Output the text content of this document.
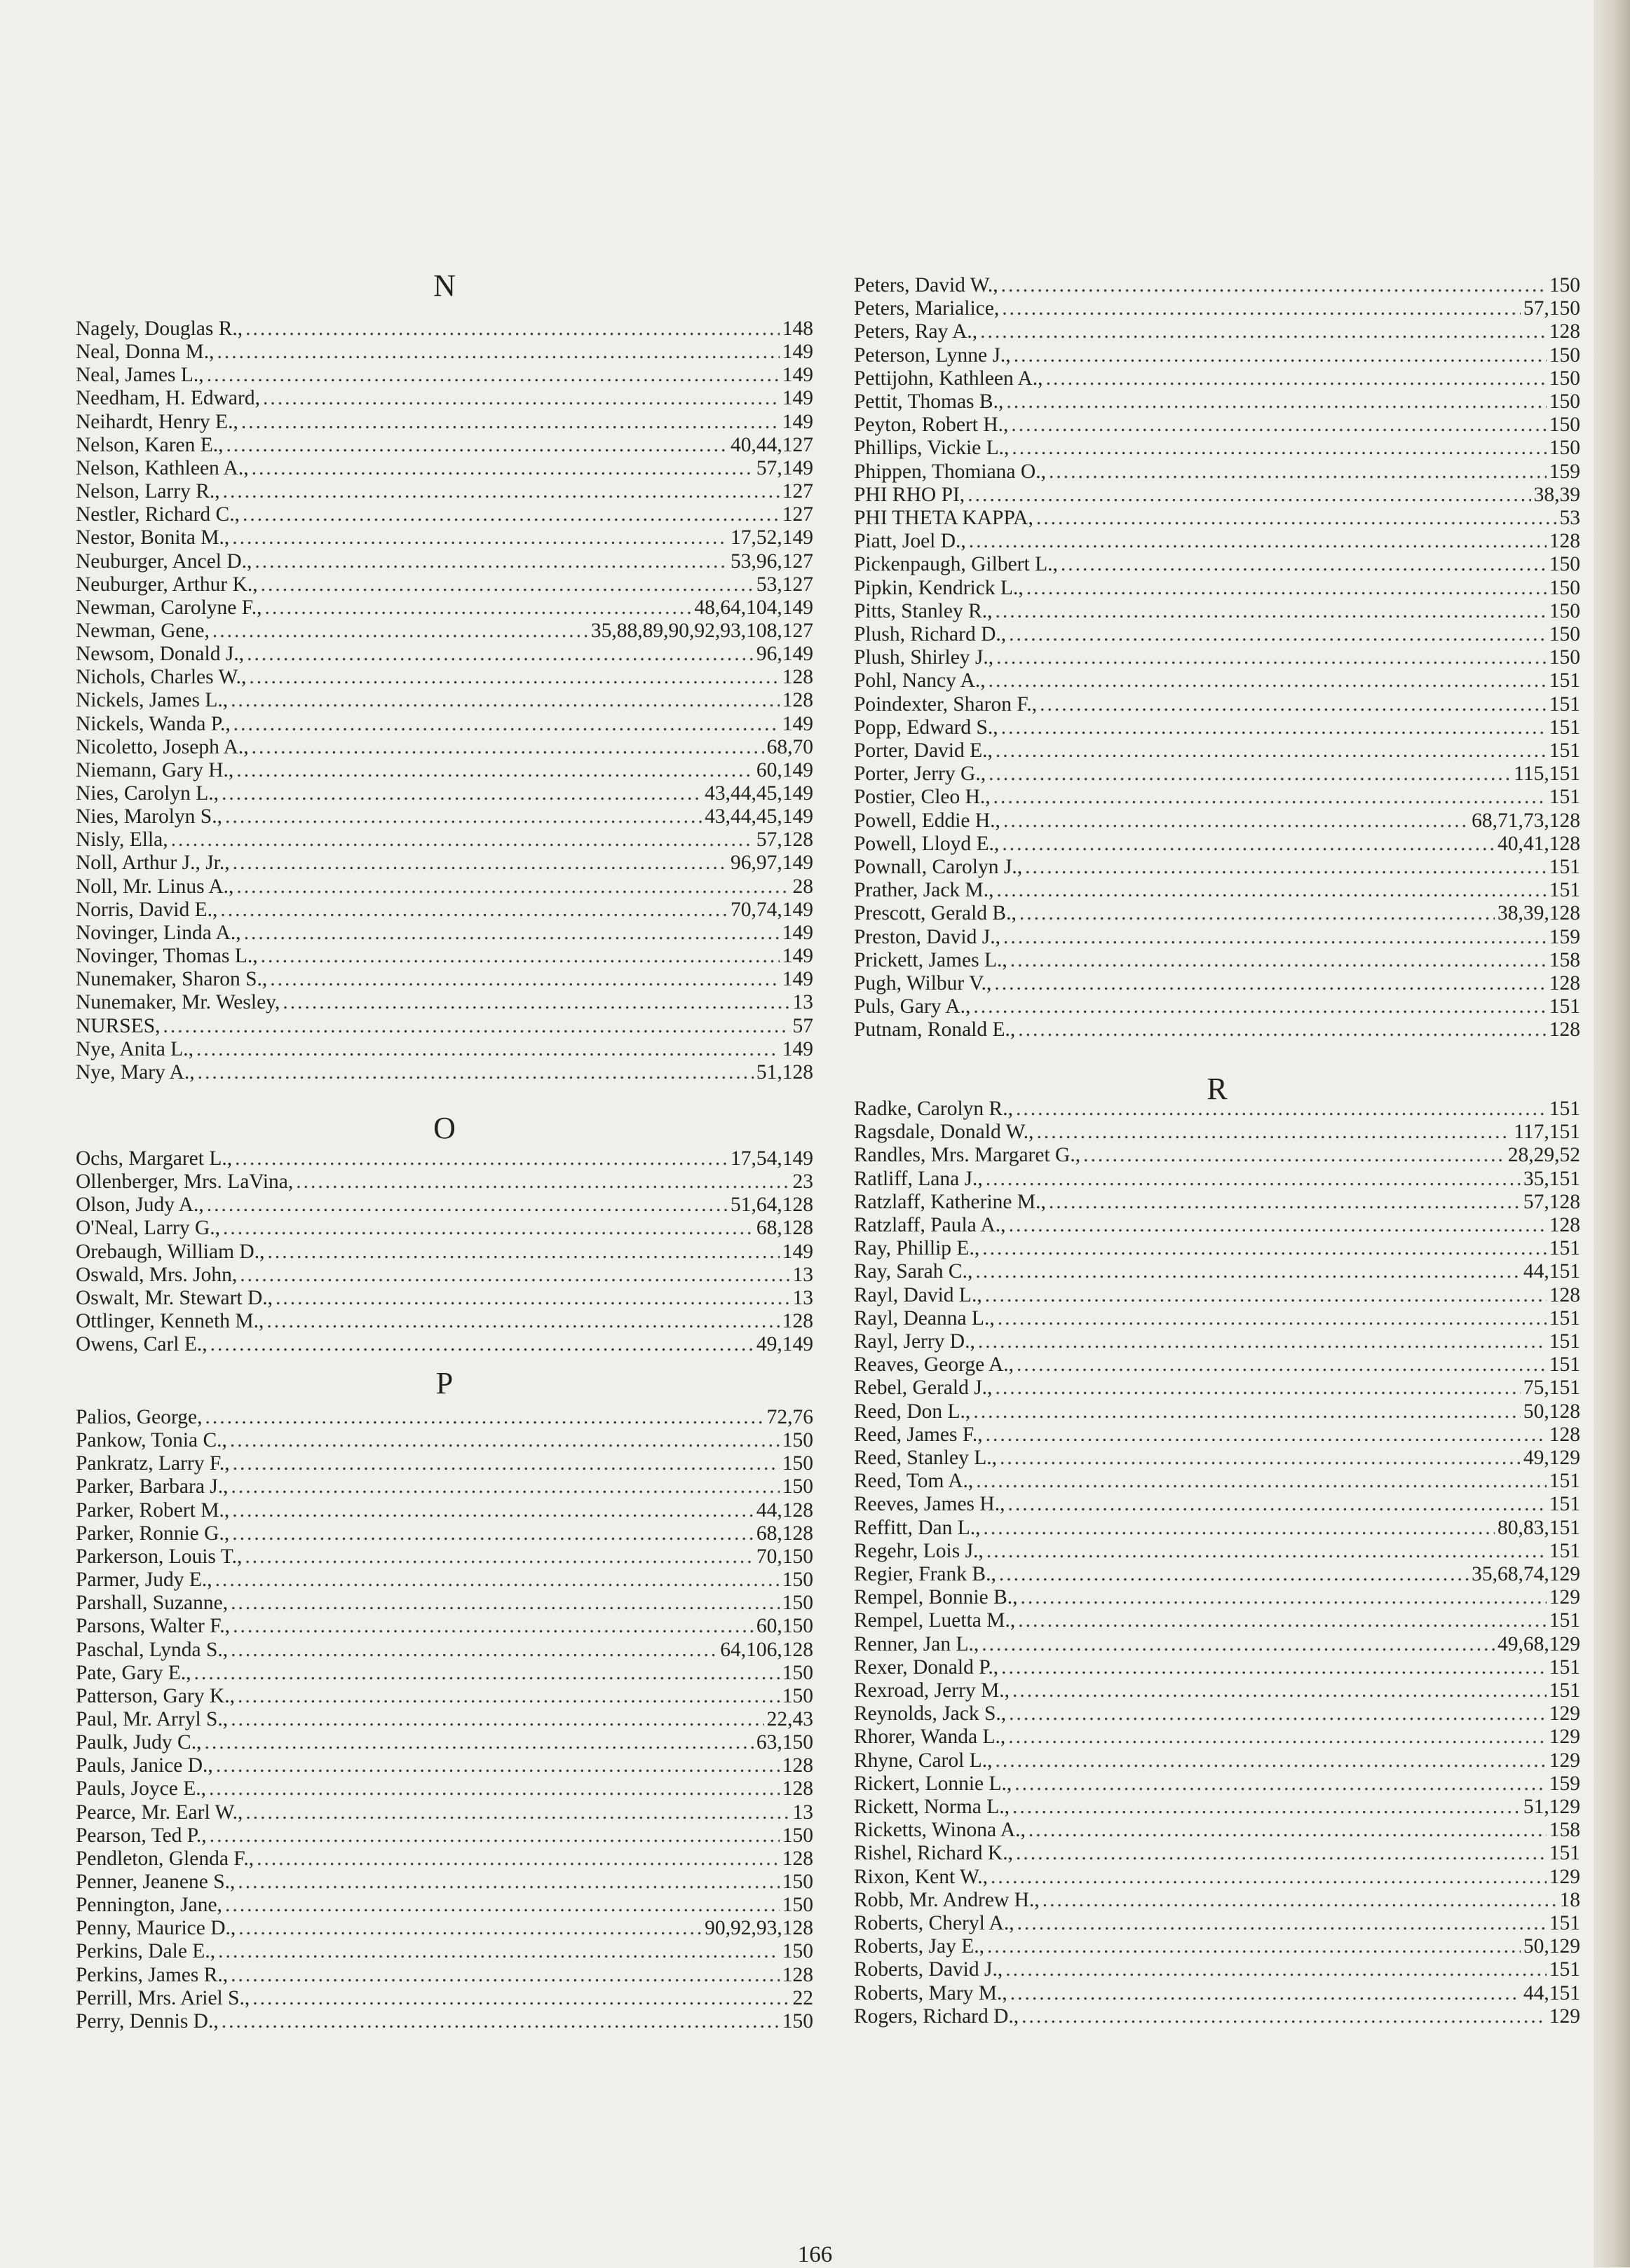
N
Nagely, Douglas R., .....	148
Neal, Donna M., .....	149
Neal, James L., .....	149
Needham, H. Edward, .....	149
Neihardt, Henry E., .....	149
Nelson, Karen E., .....	40,44,127
Nelson, Kathleen A., .....	57,149
Nelson, Larry R., .....	127
Nestler, Richard C., .....	127
Nestor, Bonita M., .....	17,52,149
Neuburger, Ancel D., .....	53,96,127
Neuburger, Arthur K., .....	53,127
Newman, Carolyne F., .....	48,64,104,149
Newman, Gene, .....	35,88,89,90,92,93,108,127
Newsom, Donald J., .....	96,149
Nichols, Charles W., .....	128
Nickels, James L., .....	128
Nickels, Wanda P., .....	149
Nicoletto, Joseph A., .....	68,70
Niemann, Gary H., .....	60,149
Nies, Carolyn L., .....	43,44,45,149
Nies, Marolyn S., .....	43,44,45,149
Nisly, Ella, .....	57,128
Noll, Arthur J., Jr., .....	96,97,149
Noll, Mr. Linus A., .....	28
Norris, David E., .....	70,74,149
Novinger, Linda A., .....	149
Novinger, Thomas L., .....	149
Nunemaker, Sharon S., .....	149
Nunemaker, Mr. Wesley, .....	13
NURSES, .....	57
Nye, Anita L., .....	149
Nye, Mary A., .....	51,128
O
Ochs, Margaret L., .....	17,54,149
Ollenberger, Mrs. LaVina, .....	23
Olson, Judy A., .....	51,64,128
O'Neal, Larry G., .....	68,128
Orebaugh, William D., .....	149
Oswald, Mrs. John, .....	13
Oswalt, Mr. Stewart D., .....	13
Ottlinger, Kenneth M., .....	128
Owens, Carl E., .....	49,149
P
Palios, George, .....	72,76
Pankow, Tonia C., .....	150
Pankratz, Larry F., .....	150
Parker, Barbara J., .....	150
Parker, Robert M., .....	44,128
Parker, Ronnie G., .....	68,128
Parkerson, Louis T., .....	70,150
Parmer, Judy E., .....	150
Parshall, Suzanne, .....	150
Parsons, Walter F., .....	60,150
Paschal, Lynda S., .....	64,106,128
Pate, Gary E., .....	150
Patterson, Gary K., .....	150
Paul, Mr. Arryl S., .....	22,43
Paulk, Judy C., .....	63,150
Pauls, Janice D., .....	128
Pauls, Joyce E., .....	128
Pearce, Mr. Earl W., .....	13
Pearson, Ted P., .....	150
Pendleton, Glenda F., .....	128
Penner, Jeanene S., .....	150
Pennington, Jane, .....	150
Penny, Maurice D., .....	90,92,93,128
Perkins, Dale E., .....	150
Perkins, James R., .....	128
Perrill, Mrs. Ariel S., .....	22
Perry, Dennis D., .....	150
Peters, David W., .....	150
Peters, Marialice, .....	57,150
Peters, Ray A., .....	128
Peterson, Lynne J., .....	150
Pettijohn, Kathleen A., .....	150
Pettit, Thomas B., .....	150
Peyton, Robert H., .....	150
Phillips, Vickie L., .....	150
Phippen, Thomiana O., .....	159
PHI RHO PI, .....	38,39
PHI THETA KAPPA, .....	53
Piatt, Joel D., .....	128
Pickenpaugh, Gilbert L., .....	150
Pipkin, Kendrick L., .....	150
Pitts, Stanley R., .....	150
Plush, Richard D., .....	150
Plush, Shirley J., .....	150
Pohl, Nancy A., .....	151
Poindexter, Sharon F., .....	151
Popp, Edward S., .....	151
Porter, David E., .....	151
Porter, Jerry G., .....	115,151
Postier, Cleo H., .....	151
Powell, Eddie H., .....	68,71,73,128
Powell, Lloyd E., .....	40,41,128
Pownall, Carolyn J., .....	151
Prather, Jack M., .....	151
Prescott, Gerald B., .....	38,39,128
Preston, David J., .....	159
Prickett, James L., .....	158
Pugh, Wilbur V., .....	128
Puls, Gary A., .....	151
Putnam, Ronald E., .....	128
R
Radke, Carolyn R., .....	151
Ragsdale, Donald W., .....	117,151
Randles, Mrs. Margaret G., .....	28,29,52
Ratliff, Lana J., .....	35,151
Ratzlaff, Katherine M., .....	57,128
Ratzlaff, Paula A., .....	128
Ray, Phillip E., .....	151
Ray, Sarah C., .....	44,151
Rayl, David L., .....	128
Rayl, Deanna L., .....	151
Rayl, Jerry D., .....	151
Reaves, George A., .....	151
Rebel, Gerald J., .....	75,151
Reed, Don L., .....	50,128
Reed, James F., .....	128
Reed, Stanley L., .....	49,129
Reed, Tom A., .....	151
Reeves, James H., .....	151
Reffitt, Dan L., .....	80,83,151
Regehr, Lois J., .....	151
Regier, Frank B., .....	35,68,74,129
Rempel, Bonnie B., .....	129
Rempel, Luetta M., .....	151
Renner, Jan L., .....	49,68,129
Rexer, Donald P., .....	151
Rexroad, Jerry M., .....	151
Reynolds, Jack S., .....	129
Rhorer, Wanda L., .....	129
Rhyne, Carol L., .....	129
Rickert, Lonnie L., .....	159
Rickett, Norma L., .....	51,129
Ricketts, Winona A., .....	158
Rishel, Richard K., .....	151
Rixon, Kent W., .....	129
Robb, Mr. Andrew H., .....	18
Roberts, Cheryl A., .....	151
Roberts, Jay E., .....	50,129
Roberts, David J., .....	151
Roberts, Mary M., .....	44,151
Rogers, Richard D., .....	129
166
